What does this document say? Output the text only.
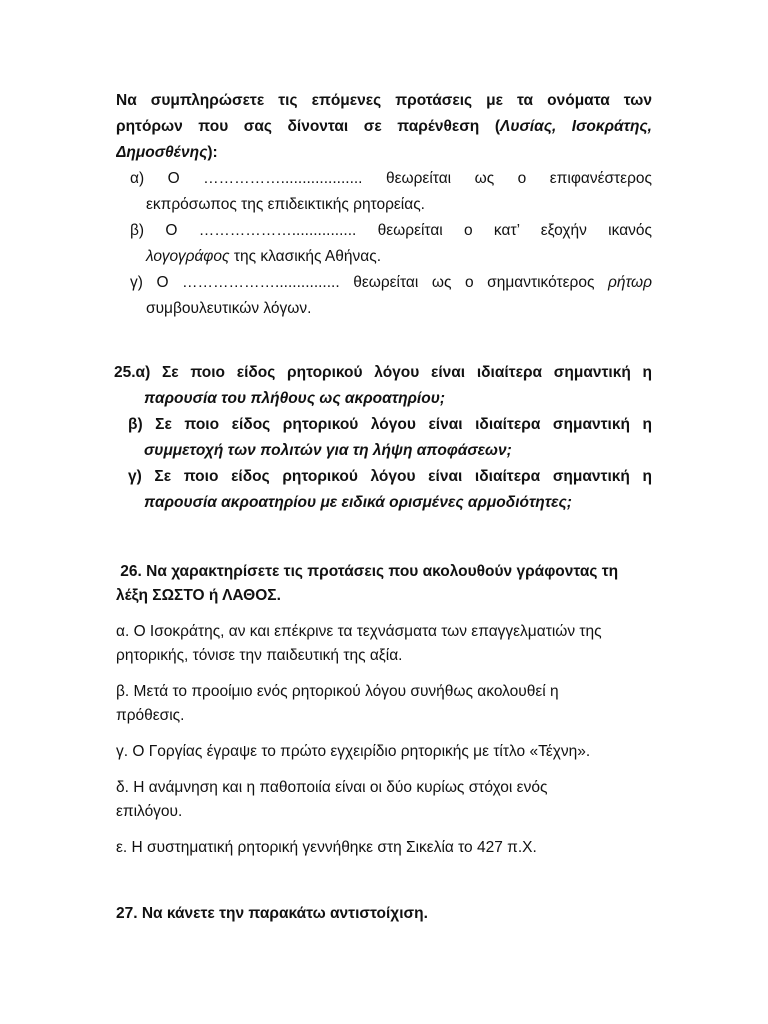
Να συμπληρώσετε τις επόμενες προτάσεις με τα ονόματα των

ρητόρων που σας δίνονται σε παρένθεση (Λυσίας, Ισοκράτης,

Δημοσθένης):

α) Ο ……………................... θεωρείται ως ο επιφανέστερος

εκπρόσωπος της επιδεικτικής ρητορείας.

β) Ο ………………............... θεωρείται ο κατ’ εξοχήν ικανός

λογογράφος της κλασικής Αθήνας.

γ) Ο ………………............... θεωρείται ως ο σημαντικότερος ρήτωρ

συμβουλευτικών λόγων.

25.α) Σε ποιο είδος ρητορικού λόγου είναι ιδιαίτερα σημαντική η

παρουσία του πλήθους ως ακροατηρίου;

β) Σε ποιο είδος ρητορικού λόγου είναι ιδιαίτερα σημαντική η

συμμετοχή των πολιτών για τη λήψη αποφάσεων;

γ) Σε ποιο είδος ρητορικού λόγου είναι ιδιαίτερα σημαντική η

παρουσία ακροατηρίου με ειδικά ορισμένες αρμοδιότητες;

26. Να χαρακτηρίσετε τις προτάσεις που ακολουθούν γράφοντας τη

λέξη ΣΩΣΤΟ ή ΛΑΘΟΣ.

α. Ο Ισοκράτης, αν και επέκρινε τα τεχνάσματα των επαγγελματιών της
ρητορικής, τόνισε την παιδευτική της αξία.

β. Μετά το προοίμιο ενός ρητορικού λόγου συνήθως ακολουθεί η
πρόθεσις.

γ. Ο Γοργίας έγραψε το πρώτο εγχειρίδιο ρητορικής με τίτλο «Τέχνη».

δ. Η ανάμνηση και η παθοποιία είναι οι δύο κυρίως στόχοι ενός
επιλόγου.

ε. Η συστηματική ρητορική γεννήθηκε στη Σικελία το 427 π.Χ.

27. Να κάνετε την παρακάτω αντιστοίχιση.
